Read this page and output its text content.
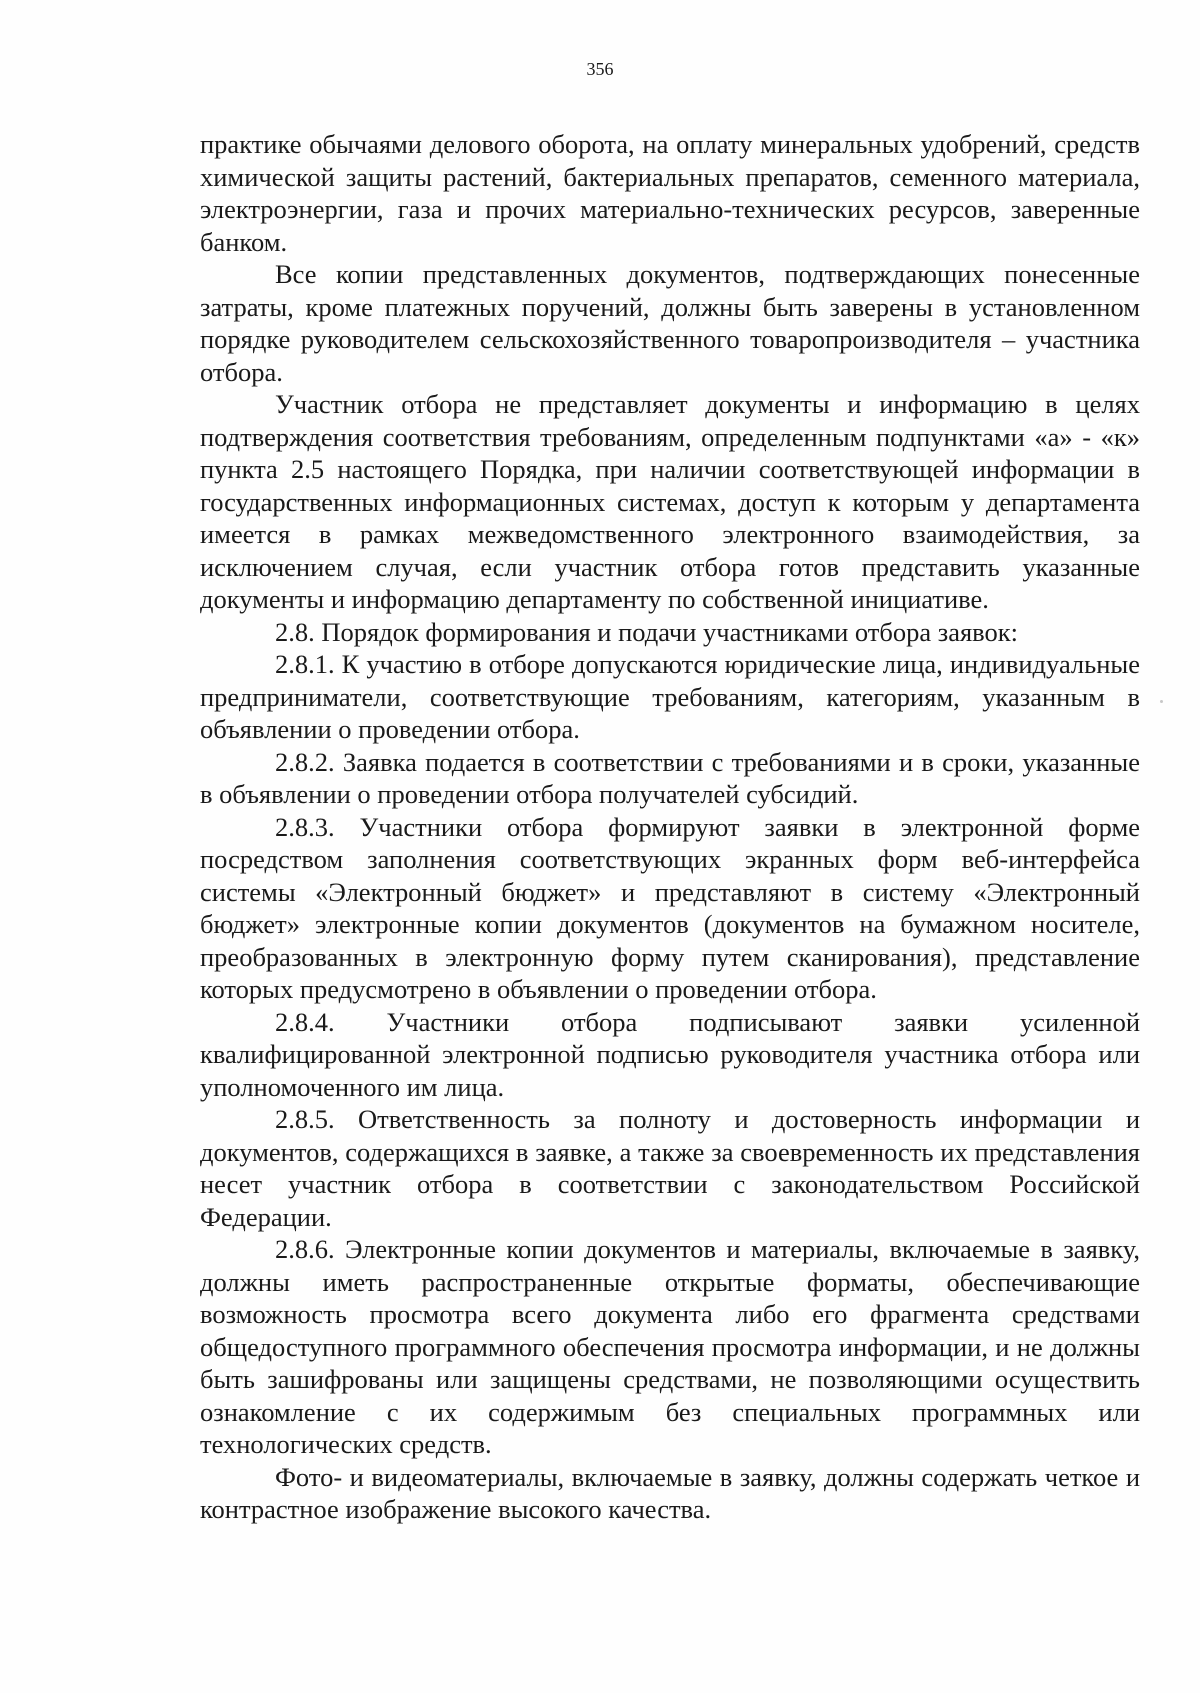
356

практике обычаями делового оборота, на оплату минеральных удобрений, средств химической защиты растений, бактериальных препаратов, семенного материала, электроэнергии, газа и прочих материально-технических ресурсов, заверенные банком.

Все копии представленных документов, подтверждающих понесенные затраты, кроме платежных поручений, должны быть заверены в установленном порядке руководителем сельскохозяйственного товаропроизводителя – участника отбора.

Участник отбора не представляет документы и информацию в целях подтверждения соответствия требованиям, определенным подпунктами «а» - «к» пункта 2.5 настоящего Порядка, при наличии соответствующей информации в государственных информационных системах, доступ к которым у департамента имеется в рамках межведомственного электронного взаимодействия, за исключением случая, если участник отбора готов представить указанные документы и информацию департаменту по собственной инициативе.

2.8. Порядок формирования и подачи участниками отбора заявок:

2.8.1. К участию в отборе допускаются юридические лица, индивидуальные предприниматели, соответствующие требованиям, категориям, указанным в объявлении о проведении отбора.

2.8.2. Заявка подается в соответствии с требованиями и в сроки, указанные в объявлении о проведении отбора получателей субсидий.

2.8.3. Участники отбора формируют заявки в электронной форме посредством заполнения соответствующих экранных форм веб-интерфейса системы «Электронный бюджет» и представляют в систему «Электронный бюджет» электронные копии документов (документов на бумажном носителе, преобразованных в электронную форму путем сканирования), представление которых предусмотрено в объявлении о проведении отбора.

2.8.4. Участники отбора подписывают заявки усиленной квалифицированной электронной подписью руководителя участника отбора или уполномоченного им лица.

2.8.5. Ответственность за полноту и достоверность информации и документов, содержащихся в заявке, а также за своевременность их представления несет участник отбора в соответствии с законодательством Российской Федерации.

2.8.6. Электронные копии документов и материалы, включаемые в заявку, должны иметь распространенные открытые форматы, обеспечивающие возможность просмотра всего документа либо его фрагмента средствами общедоступного программного обеспечения просмотра информации, и не должны быть зашифрованы или защищены средствами, не позволяющими осуществить ознакомление с их содержимым без специальных программных или технологических средств.

Фото- и видеоматериалы, включаемые в заявку, должны содержать четкое и контрастное изображение высокого качества.
